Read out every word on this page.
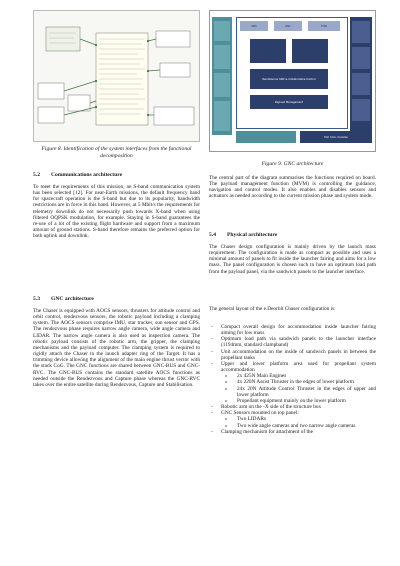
Figure 8. Identification of the system interfaces from the functional decomposition
5.2 Communications architecture

To meet the requirements of this mission, an S-band communication system has been selected [12]. For near-Earth missions, the default frequency band for spacecraft operation is the S-band but due to its popularity, bandwidth restrictions are in force in this band. However, at 5 Mbit/s the requirements for telemetry downlink do not necessarily push towards X-band when using filtered OQPSK modulation, for example. Staying in S-band guarantees the re-use of a lot of the existing flight hardware and support from a maximum amount of ground stations. S-band therefore remains the preferred option for both uplink and downlink.

5.3 GNC architecture

The Chaser is equipped with AOCS sensors, thrusters for attitude control and orbit control, rendezvous sensors, the robotic payload including a clamping system. The AOCS sensors comprise IMU, star tracker, sun sensor and GPS. The rendezvous phase requires narrow angle camera, wide angle camera and LIDAR. The narrow angle camera is also used as inspection camera. The robotic payload consists of the robotic arm, the gripper, the clamping mechanisms and the payload computer. The clamping system is required to rigidly attach the Chaser to the launch adapter ring of the Target. It has a trimming device allowing the alignment of the main engine thrust vector with the stack CoG. The GNC functions are shared between GNC-BUS and GNC-RVC. The GNC-BUS contains the standard satellite AOCS functions as needed outside the Rendezvous and Capture phase whereas the GNC-RVC takes over the entire satellite during Rendezvous, Capture and Stabilisation.

OBC	GNC	FDIR
Rendezvous GNC & Collaborative Control
Payload Management
PLC Com. Console
Figure 9. GNC architecture

The central part of the diagram summarises the functions required on board. The payload management function (MVM) is controlling the guidance, navigation and control modes. It also enables and disables sensors and actuators as needed according to the current mission phase and system mode.

5.4 Physical architecture

The Chaser design configuration is mainly driven by the launch mass requirement. The configuration is made as compact as possible and uses a minimal amount of panels to fit inside the launcher fairing and aims for a low mass. The panel configuration is chosen such to have an optimum load path from the payload panel, via the sandwich panels to the launcher interface.

The general layout of the e.Deorbit Chaser configuration is:

- Compact overall design for accommodation inside launcher fairing aiming for low mass
- Optimum load path via sandwich panels to the launcher interface (1194mm, standard clampband)
- Unit accommodation on the inside of sandwich panels in between the propellant tanks
- Upper and lower platform area used for propellant system accommodation
o 2x 425N Main Engines
o 4x 220N Assist Thruster in the edges of lower platform
o 24x 20N Attitude Control Thruster in the edges of upper and lower platform
o Propellant equipment mainly on the lower platform
- Robotic arm on the -X side of the structure box
- GNC Sensors mounted on top panel:
o Two LIDARs
o Two wide angle cameras and two narrow angle cameras
- Clamping mechanism for attachment of the
